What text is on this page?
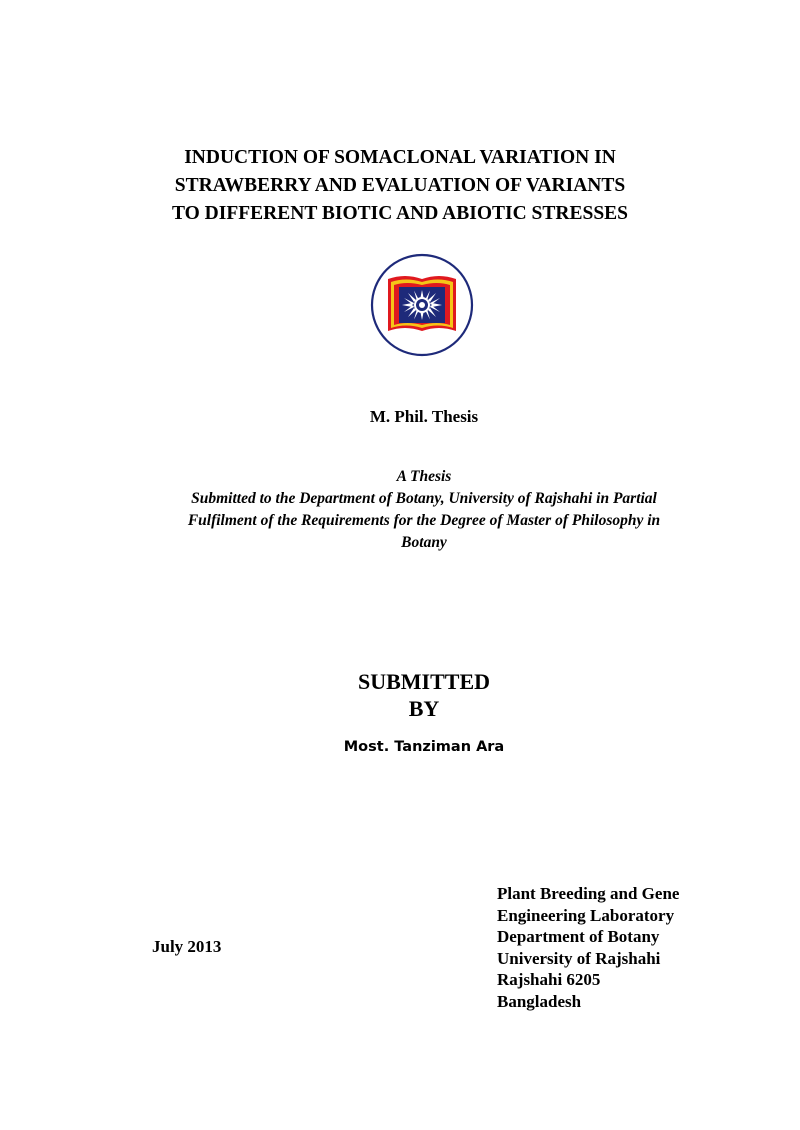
INDUCTION OF SOMACLONAL VARIATION IN
STRAWBERRY AND EVALUATION OF VARIANTS
TO DIFFERENT BIOTIC AND ABIOTIC STRESSES
M. Phil. Thesis
A Thesis
Submitted to the Department of Botany, University of Rajshahi in Partial
Fulfilment of the Requirements for the Degree of Master of Philosophy in
Botany
SUBMITTED
BY
Most. Tanziman Ara
July 2013
Plant Breeding and Gene
Engineering Laboratory
Department of Botany
University of Rajshahi
Rajshahi 6205
Bangladesh
